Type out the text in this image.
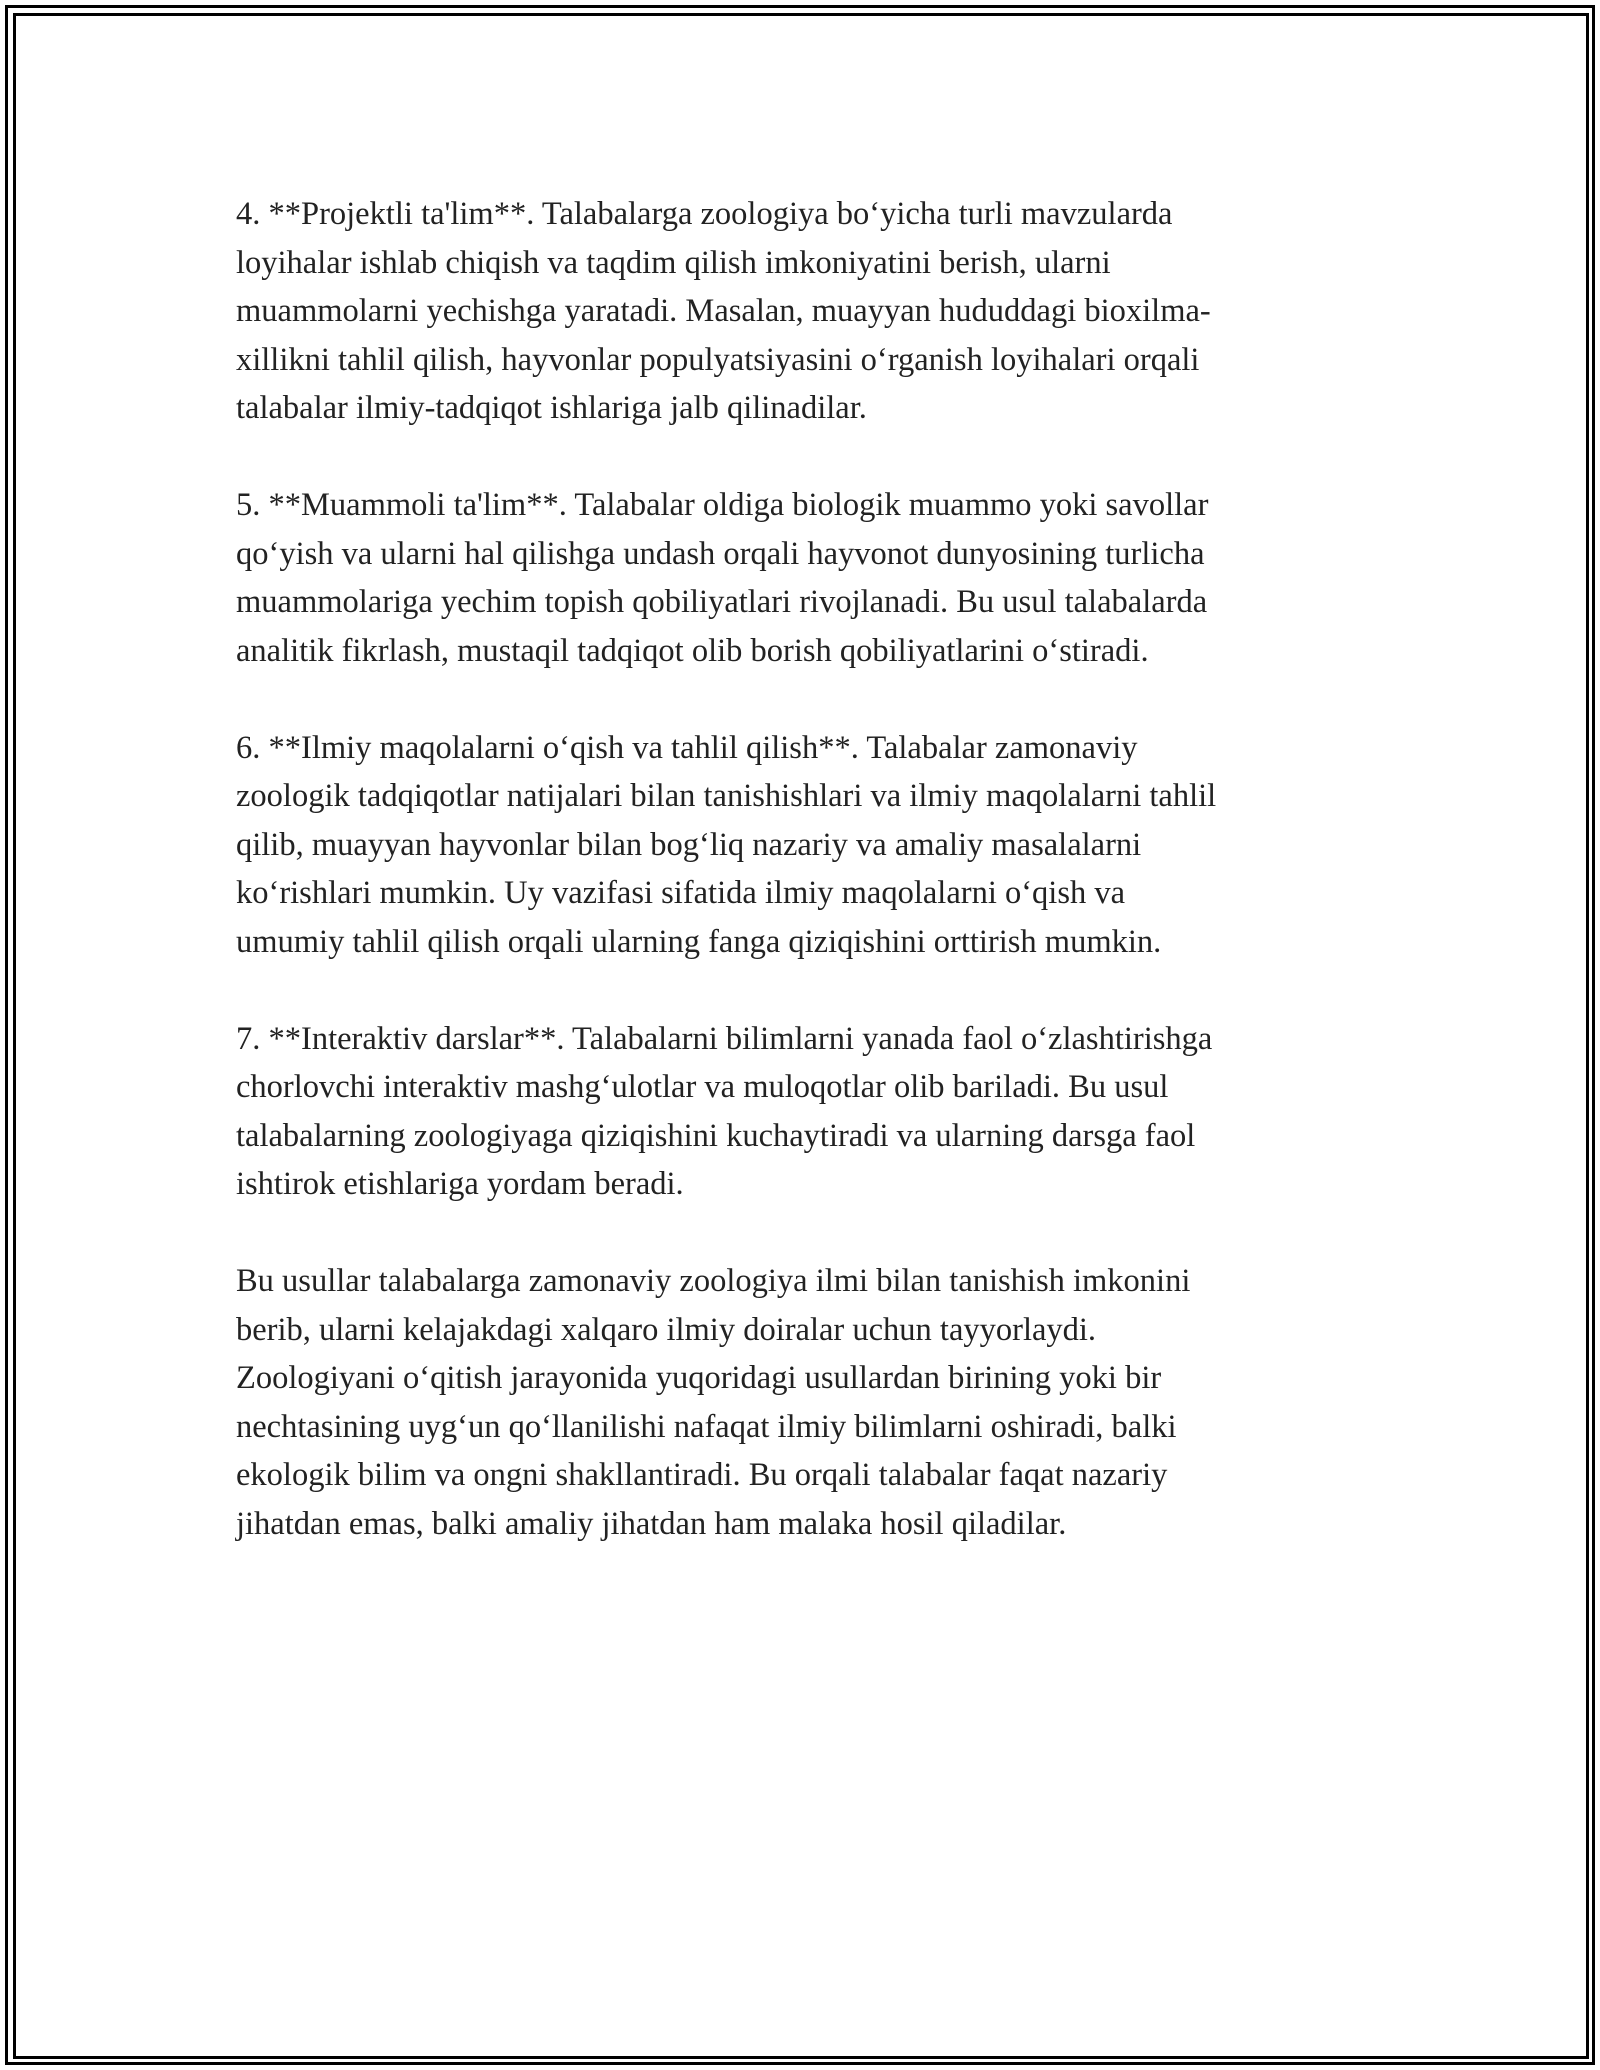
4. **Projektli ta'lim**. Talabalarga zoologiya bo‘yicha turli mavzularda
loyihalar ishlab chiqish va taqdim qilish imkoniyatini berish, ularni
muammolarni yechishga yaratadi. Masalan, muayyan hududdagi bioxilma-
xillikni tahlil qilish, hayvonlar populyatsiyasini o‘rganish loyihalari orqali
talabalar ilmiy-tadqiqot ishlariga jalb qilinadilar.

5. **Muammoli ta'lim**. Talabalar oldiga biologik muammo yoki savollar
qo‘yish va ularni hal qilishga undash orqali hayvonot dunyosining turlicha
muammolariga yechim topish qobiliyatlari rivojlanadi. Bu usul talabalarda
analitik fikrlash, mustaqil tadqiqot olib borish qobiliyatlarini o‘stiradi.

6. **Ilmiy maqolalarni o‘qish va tahlil qilish**. Talabalar zamonaviy
zoologik tadqiqotlar natijalari bilan tanishishlari va ilmiy maqolalarni tahlil
qilib, muayyan hayvonlar bilan bog‘liq nazariy va amaliy masalalarni
ko‘rishlari mumkin. Uy vazifasi sifatida ilmiy maqolalarni o‘qish va
umumiy tahlil qilish orqali ularning fanga qiziqishini orttirish mumkin.

7. **Interaktiv darslar**. Talabalarni bilimlarni yanada faol o‘zlashtirishga
chorlovchi interaktiv mashg‘ulotlar va muloqotlar olib bariladi. Bu usul
talabalarning zoologiyaga qiziqishini kuchaytiradi va ularning darsga faol
ishtirok etishlariga yordam beradi.

Bu usullar talabalarga zamonaviy zoologiya ilmi bilan tanishish imkonini
berib, ularni kelajakdagi xalqaro ilmiy doiralar uchun tayyorlaydi.
Zoologiyani o‘qitish jarayonida yuqoridagi usullardan birining yoki bir
nechtasining uyg‘un qo‘llanilishi nafaqat ilmiy bilimlarni oshiradi, balki
ekologik bilim va ongni shakllantiradi. Bu orqali talabalar faqat nazariy
jihatdan emas, balki amaliy jihatdan ham malaka hosil qiladilar.
